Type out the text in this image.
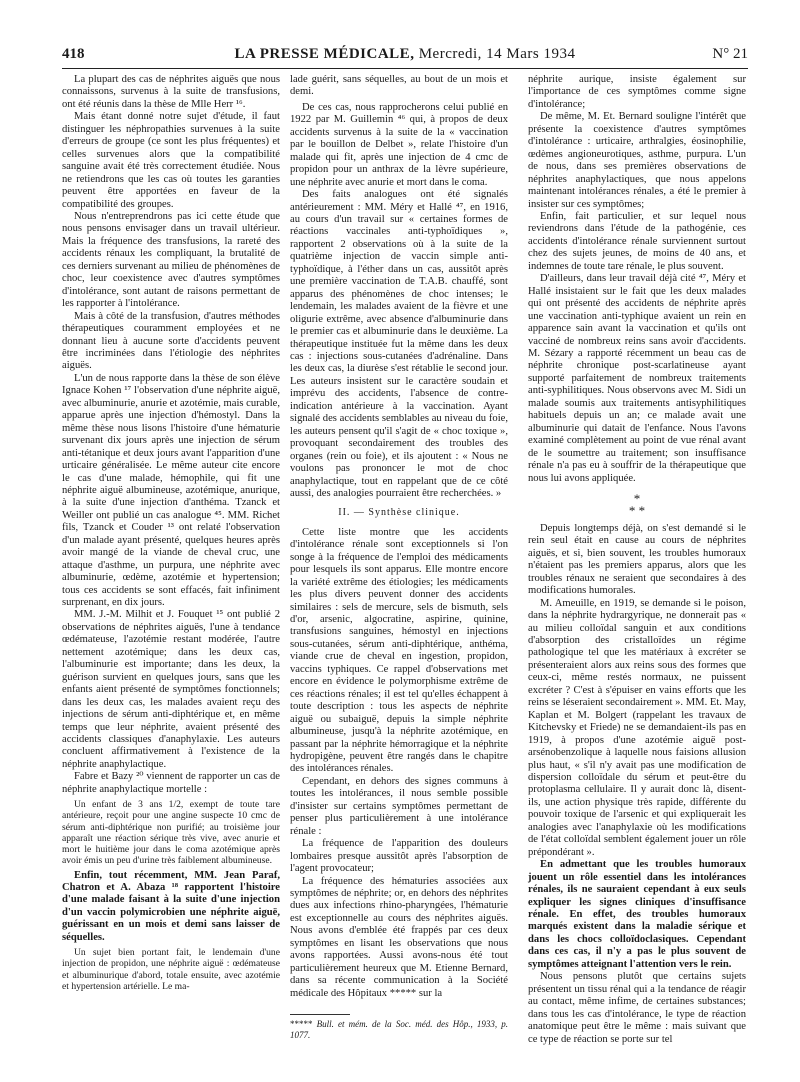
418	LA PRESSE MÉDICALE, Mercredi, 14 Mars 1934	N° 21

La plupart des cas de néphrites aiguës que nous connaissons, survenus à la suite de transfusions, ont été réunis dans la thèse de Mlle Herr ¹⁶.

Mais étant donné notre sujet d'étude, il faut distinguer les néphropathies survenues à la suite d'erreurs de groupe (ce sont les plus fréquentes) et celles survenues alors que la compatibilité sanguine avait été très correctement étudiée. Nous ne retiendrons que les cas où toutes les garanties peuvent être apportées en faveur de la compatibilité des groupes.

Nous n'entreprendrons pas ici cette étude que nous pensons envisager dans un travail ultérieur. Mais la fréquence des transfusions, la rareté des accidents rénaux les compliquant, la brutalité de ces derniers survenant au milieu de phénomènes de choc, leur coexistence avec d'autres symptômes d'intolérance, sont autant de raisons permettant de les rapporter à l'intolérance.

Mais à côté de la transfusion, d'autres méthodes thérapeutiques couramment employées et ne donnant lieu à aucune sorte d'accidents peuvent être incriminées dans l'étiologie des néphrites aiguës.

L'un de nous rapporte dans la thèse de son élève Ignace Kohen ¹⁷ l'observation d'une néphrite aiguë, avec albuminurie, anurie et azotémie, mais curable, apparue après une injection d'hémostyl. Dans la même thèse nous lisons l'histoire d'une hématurie survenant dix jours après une injection de sérum anti-tétanique et deux jours avant l'apparition d'une urticaire généralisée. Le même auteur cite encore le cas d'une malade, hémophile, qui fit une néphrite aiguë albumineuse, azotémique, anurique, à la suite d'une injection d'anthéma. Tzanck et Weiller ont publié un cas analogue ⁴⁵. MM. Richet fils, Tzanck et Couder ¹³ ont relaté l'observation d'un malade ayant présenté, quelques heures après avoir mangé de la viande de cheval cruc, une attaque d'asthme, un purpura, une néphrite avec albuminurie, œdème, azotémie et hypertension; tous ces accidents se sont effacés, fait infiniment surprenant, en dix jours.

MM. J.-M. Milhit et J. Fouquet ¹⁵ ont publié 2 observations de néphrites aiguës, l'une à tendance œdémateuse, l'azotémie restant modérée, l'autre nettement azotémique; dans les deux cas, l'albuminurie est importante; dans les deux, la guérison survient en quelques jours, sans que les enfants aient présenté de symptômes fonctionnels; dans les deux cas, les malades avaient reçu des injections de sérum anti-diphtérique et, en même temps que leur néphrite, avaient présenté des accidents classiques d'anaphylaxie. Les auteurs concluent affirmativement à l'existence de la néphrite anaphylactique.

Fabre et Bazy ²⁰ viennent de rapporter un cas de néphrite anaphylactique mortelle :

Un enfant de 3 ans 1/2, exempt de toute tare antérieure, reçoit pour une angine suspecte 10 cmc de sérum anti-diphtérique non purifié; au troisième jour apparaît une réaction sérique très vive, avec anurie et mort le huitième jour dans le coma azotémique après avoir émis un peu d'urine très faiblement albumineuse.

Enfin, tout récemment, MM. Jean Paraf, Chatron et A. Abaza ¹⁸ rapportent l'histoire d'une malade faisant à la suite d'une injection d'un vaccin polymicrobien une néphrite aiguë, guérissant en un mois et demi sans laisser de séquelles.

Un sujet bien portant fait, le lendemain d'une injection de propidon, une néphrite aiguë : œdémateuse et albuminurique d'abord, totale ensuite, avec azotémie et hypertension artérielle. Le ma-

lade guérit, sans séquelles, au bout de un mois et demi.

De ces cas, nous rapprocherons celui publié en 1922 par M. Guillemin ⁴⁶ qui, à propos de deux accidents survenus à la suite de la « vaccination par le bouillon de Delbet », relate l'histoire d'un malade qui fit, après une injection de 4 cmc de propidon pour un anthrax de la lèvre supérieure, une néphrite avec anurie et mort dans le coma.

Des faits analogues ont été signalés antérieurement : MM. Méry et Hallé ⁴⁷, en 1916, au cours d'un travail sur « certaines formes de réactions vaccinales anti-typhoïdiques », rapportent 2 observations où à la suite de la quatrième injection de vaccin simple anti-typhoïdique, à l'éther dans un cas, aussitôt après une première vaccination de T.A.B. chauffé, sont apparus des phénomènes de choc intenses; le lendemain, les malades avaient de la fièvre et une oligurie extrême, avec absence d'albuminurie dans le premier cas et albuminurie dans le deuxième. La thérapeutique instituée fut la même dans les deux cas : injections sous-cutanées d'adrénaline. Dans les deux cas, la diurèse s'est rétablie le second jour. Les auteurs insistent sur le caractère soudain et imprévu des accidents, l'absence de contre-indication antérieure à la vaccination. Ayant signalé des accidents semblables au niveau du foie, les auteurs pensent qu'il s'agit de « choc toxique », provoquant secondairement des troubles des organes (rein ou foie), et ils ajoutent : « Nous ne voulons pas prononcer le mot de choc anaphylactique, tout en rappelant que de ce côté aussi, des analogies pourraient être recherchées. »

II. — Synthèse clinique.

Cette liste montre que les accidents d'intolérance rénale sont exceptionnels si l'on songe à la fréquence de l'emploi des médicaments pour lesquels ils sont apparus. Elle montre encore la variété extrême des étiologies; les médicaments les plus divers peuvent donner des accidents similaires : sels de mercure, sels de bismuth, sels d'or, arsenic, algocratine, aspirine, quinine, transfusions sanguines, hémostyl en injections sous-cutanées, sérum anti-diphtérique, anthéma, viande crue de cheval en ingestion, propidon, vaccins typhiques. Ce rappel d'observations met encore en évidence le polymorphisme extrême de ces réactions rénales; il est tel qu'elles échappent à toute description : tous les aspects de néphrite aiguë ou subaiguë, depuis la simple néphrite albumineuse, jusqu'à la néphrite azotémique, en passant par la néphrite hémorragique et la néphrite hydropigène, peuvent être rangés dans le chapitre des intolérances rénales.

Cependant, en dehors des signes communs à toutes les intolérances, il nous semble possible d'insister sur certains symptômes permettant de penser plus particulièrement à une intolérance rénale :

La fréquence de l'apparition des douleurs lombaires presque aussitôt après l'absorption de l'agent provocateur;

La fréquence des hématuries associées aux symptômes de néphrite; or, en dehors des néphrites dues aux infections rhino-pharyngées, l'hématurie est exceptionnelle au cours des néphrites aiguës. Nous avons d'emblée été frappés par ces deux symptômes en lisant les observations que nous avons rapportées. Aussi avons-nous été tout particulièrement heureux que M. Etienne Bernard, dans sa récente communication à la Société médicale des Hôpitaux ***** sur la

***** Bull. et mém. de la Soc. méd. des Hôp., 1933, p. 1077.

néphrite aurique, insiste également sur l'importance de ces symptômes comme signe d'intolérance;

De même, M. Et. Bernard souligne l'intérêt que présente la coexistence d'autres symptômes d'intolérance : urticaire, arthralgies, éosinophilie, œdèmes angioneurotiques, asthme, purpura. L'un de nous, dans ses premières observations de néphrites anaphylactiques, que nous appelons maintenant intolérances rénales, a été le premier à insister sur ces symptômes;

Enfin, fait particulier, et sur lequel nous reviendrons dans l'étude de la pathogénie, ces accidents d'intolérance rénale surviennent surtout chez des sujets jeunes, de moins de 40 ans, et indemnes de toute tare rénale, le plus souvent.

D'ailleurs, dans leur travail déjà cité ⁴⁷, Méry et Hallé insistaient sur le fait que les deux malades qui ont présenté des accidents de néphrite après une vaccination anti-typhique avaient un rein en apparence sain avant la vaccination et qu'ils ont vacciné de nombreux reins sans avoir d'accidents. M. Sézary a rapporté récemment un beau cas de néphrite chronique post-scarlatineuse ayant supporté parfaitement de nombreux traitements anti-syphilitiques. Nous observons avec M. Sidi un malade soumis aux traitements antisyphilitiques habituels depuis un an; ce malade avait une albuminurie qui datait de l'enfance. Nous l'avons examiné complètement au point de vue rénal avant de le soumettre au traitement; son insuffisance rénale n'a pas eu à souffrir de la thérapeutique que nous lui avons appliquée.

*
* *

Depuis longtemps déjà, on s'est demandé si le rein seul était en cause au cours de néphrites aiguës, et si, bien souvent, les troubles humoraux n'étaient pas les premiers apparus, alors que les troubles rénaux ne seraient que secondaires à des modifications humorales.

M. Ameuille, en 1919, se demande si le poison, dans la néphrite hydrargyrique, ne donnerait pas « au milieu colloïdal sanguin et aux conditions d'absorption des cristalloïdes un régime pathologique tel que les matériaux à excréter se présenteraient alors aux reins sous des formes que ceux-ci, même restés normaux, ne puissent excréter ? C'est à s'épuiser en vains efforts que les reins se léseraient secondairement ». MM. Et. May, Kaplan et M. Bolgert (rappelant les travaux de Kitchevsky et Friede) ne se demandaient-ils pas en 1919, à propos d'une azotémie aiguë post-arsénobenzolique à laquelle nous faisions allusion plus haut, « s'il n'y avait pas une modification de dispersion colloïdale du sérum et peut-être du protoplasma cellulaire. Il y aurait donc là, disent-ils, une action physique très rapide, différente du pouvoir toxique de l'arsenic et qui expliquerait les analogies avec l'anaphylaxie où les modifications de l'état colloïdal semblent également jouer un rôle prépondérant ».

En admettant que les troubles humoraux jouent un rôle essentiel dans les intolérances rénales, ils ne sauraient cependant à eux seuls expliquer les signes cliniques d'insuffisance rénale. En effet, des troubles humoraux marqués existent dans la maladie sérique et dans les chocs colloïdoclasiques. Cependant dans ces cas, il n'y a pas le plus souvent de symptômes atteignant l'attention vers le rein.

Nous pensons plutôt que certains sujets présentent un tissu rénal qui a la tendance de réagir au contact, même infime, de certaines substances; dans tous les cas d'intolérance, le type de réaction anatomique peut être le même : mais suivant que ce type de réaction se porte sur tel
